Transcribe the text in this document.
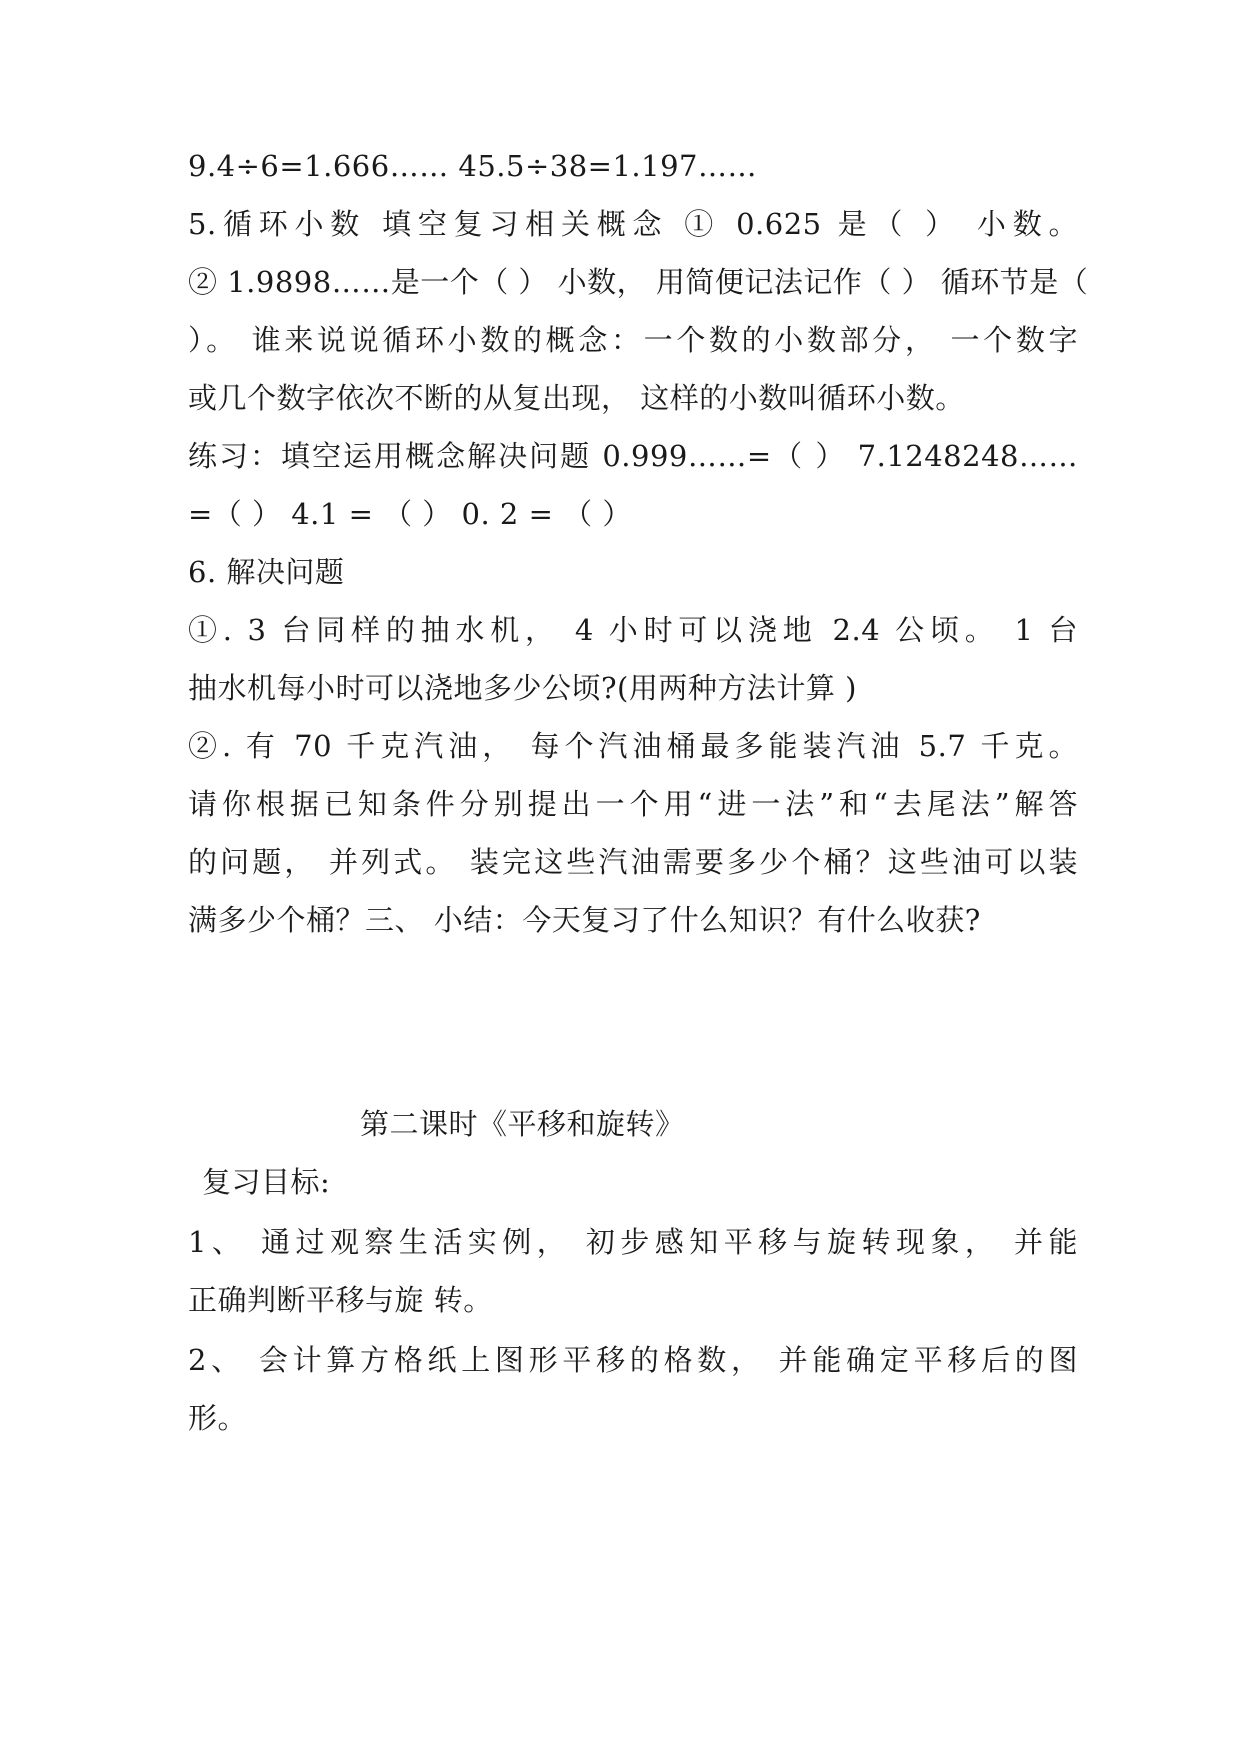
9.4÷6=1.666…… 45.5÷38=1.197……
5.循环小数 填空复习相关概念 ① 0.625 是（ ） 小数。
② 1.9898……是一个（ ） 小数， 用简便记法记作（ ） 循环节是（
）。 谁来说说循环小数的概念：一个数的小数部分， 一个数字
或几个数字依次不断的从复出现， 这样的小数叫循环小数。
练习：填空运用概念解决问题 0.999……=（ ） 7.1248248……
=（ ） 4.1 = （ ） 0. 2 = （ ）
6. 解决问题
①. 3 台同样的抽水机， 4 小时可以浇地 2.4 公顷。 1 台
抽水机每小时可以浇地多少公顷?(用两种方法计算 )
②. 有 70 千克汽油， 每个汽油桶最多能装汽油 5.7 千克。
请你根据已知条件分别提出一个用“进一法”和“去尾法”解答
的问题， 并列式。 装完这些汽油需要多少个桶？这些油可以装
满多少个桶？三、 小结：今天复习了什么知识？有什么收获?
第二课时《平移和旋转》
复习目标:
1、 通过观察生活实例， 初步感知平移与旋转现象， 并能
正确判断平移与旋 转。
2、 会计算方格纸上图形平移的格数， 并能确定平移后的图
形。
